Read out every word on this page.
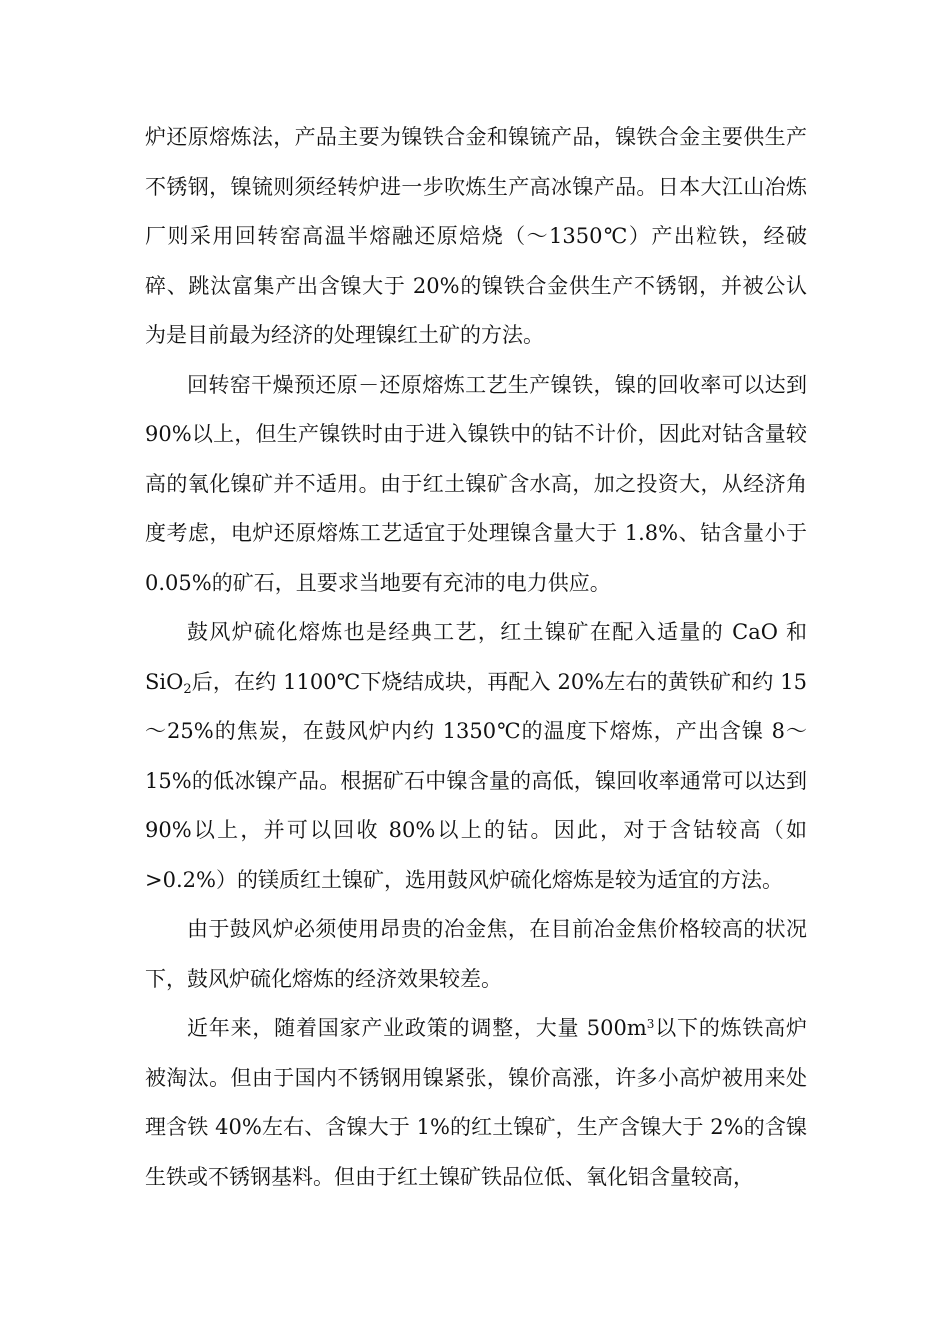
炉还原熔炼法，产品主要为镍铁合金和镍锍产品，镍铁合金主要供生产不锈钢，镍锍则须经转炉进一步吹炼生产高冰镍产品。日本大江山冶炼厂则采用回转窑高温半熔融还原焙烧（～1350℃）产出粒铁，经破碎、跳汰富集产出含镍大于 20%的镍铁合金供生产不锈钢，并被公认为是目前最为经济的处理镍红土矿的方法。

回转窑干燥预还原－还原熔炼工艺生产镍铁，镍的回收率可以达到 90%以上，但生产镍铁时由于进入镍铁中的钴不计价，因此对钴含量较高的氧化镍矿并不适用。由于红土镍矿含水高，加之投资大，从经济角度考虑，电炉还原熔炼工艺适宜于处理镍含量大于 1.8%、钴含量小于 0.05%的矿石，且要求当地要有充沛的电力供应。

鼓风炉硫化熔炼也是经典工艺，红土镍矿在配入适量的 CaO 和 SiO$_2$后，在约 1100℃下烧结成块，再配入 20%左右的黄铁矿和约 15～25%的焦炭，在鼓风炉内约 1350℃的温度下熔炼，产出含镍 8～15%的低冰镍产品。根据矿石中镍含量的高低，镍回收率通常可以达到 90%以上，并可以回收 80%以上的钴。因此，对于含钴较高（如>0.2%）的镁质红土镍矿，选用鼓风炉硫化熔炼是较为适宜的方法。

由于鼓风炉必须使用昂贵的冶金焦，在目前冶金焦价格较高的状况下，鼓风炉硫化熔炼的经济效果较差。

近年来，随着国家产业政策的调整，大量 $500m^3$以下的炼铁高炉被淘汰。但由于国内不锈钢用镍紧张，镍价高涨，许多小高炉被用来处理含铁 40%左右、含镍大于 1%的红土镍矿，生产含镍大于 2%的含镍生铁或不锈钢基料。但由于红土镍矿铁品位低、氧化铝含量较高，
